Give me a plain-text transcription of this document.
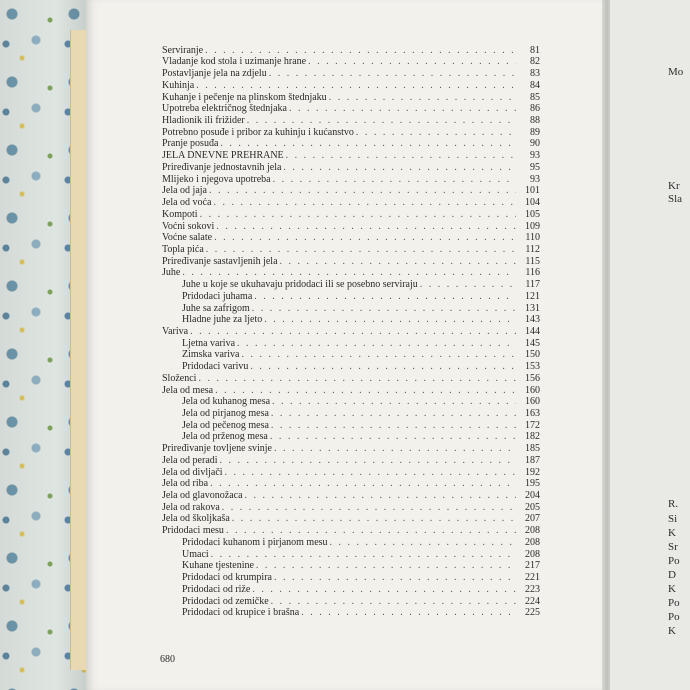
Serviranje . . .	81
Vladanje kod stola i uzimanje hrane . . .	82
Postavljanje jela na zdjelu . . .	83
Kuhinja . . .	84
Kuhanje i pečenje na plinskom štednjaku . . .	85
Upotreba električnog štednjaka . . .	86
Hladionik ili frižider . . .	88
Potrebno posuđe i pribor za kuhinju i kućanstvo . . .	89
Pranje posuđa . . .	90
JELA DNEVNE PREHRANE . . .	93
Priređivanje jednostavnih jela . . .	95
Mlijeko i njegova upotreba . . .	93
Jela od jaja . . .	101
Jela od voća . . .	104
Kompoti . . .	105
Voćni sokovi . . .	109
Voćne salate . . .	110
Topla pića . . .	112
Priređivanje sastavljenih jela . . .	115
Juhe . . .	116
Juhe u koje se ukuhavaju pridodaci ili se posebno serviraju . . .	117
Pridodaci juhama . . .	121
Juhe sa zafrigom . . .	131
Hladne juhe za ljeto . . .	143
Variva . . .	144
Ljetna variva . . .	145
Zimska variva . . .	150
Pridodaci varivu . . .	153
Složenci . . .	156
Jela od mesa . . .	160
Jela od kuhanog mesa . . .	160
Jela od pirjanog mesa . . .	163
Jela od pečenog mesa . . .	172
Jela od prženog mesa . . .	182
Priređivanje tovljene svinje . . .	185
Jela od peradi . . .	187
Jela od divljači . . .	192
Jela od riba . . .	195
Jela od glavonožaca . . .	204
Jela od rakova . . .	205
Jela od školjkaša . . .	207
Pridodaci mesu . . .	208
Pridodaci kuhanom i pirjanom mesu . . .	208
Umaci . . .	208
Kuhane tjestenine . . .	217
Pridodaci od krumpira . . .	221
Pridodaci od riže . . .	223
Pridodaci od zemičke . . .	224
Pridodaci od krupice i brašna . . .	225
680
Mo
Kr
Sla
R.
Si
K
Sr
Po
D
K
Po
Po
K
